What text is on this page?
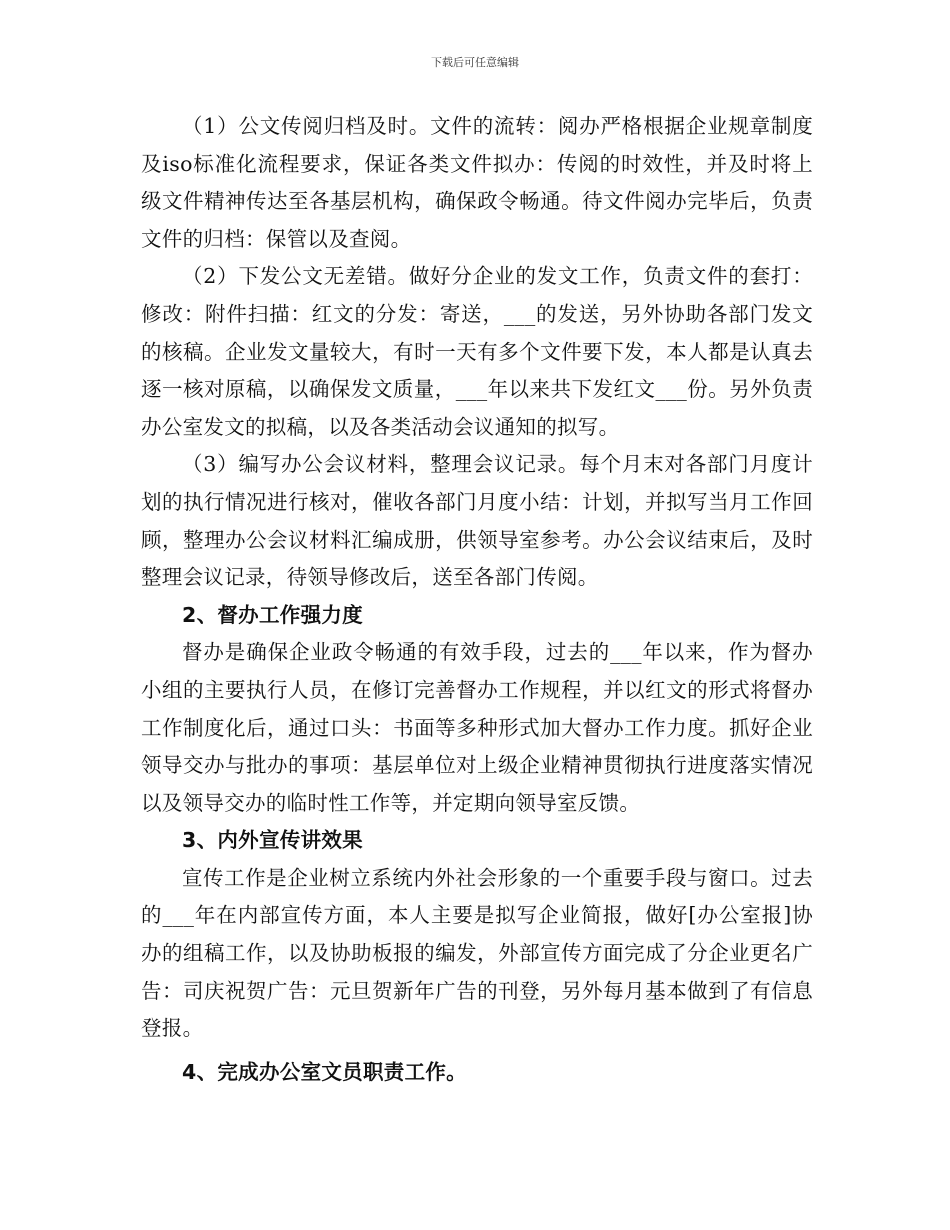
下载后可任意编辑

（1）公文传阅归档及时。文件的流转：阅办严格根据企业规章制度及iso标准化流程要求，保证各类文件拟办：传阅的时效性，并及时将上级文件精神传达至各基层机构，确保政令畅通。待文件阅办完毕后，负责文件的归档：保管以及查阅。

（2）下发公文无差错。做好分企业的发文工作，负责文件的套打：修改：附件扫描：红文的分发：寄送，___的发送，另外协助各部门发文的核稿。企业发文量较大，有时一天有多个文件要下发，本人都是认真去逐一核对原稿，以确保发文质量，___年以来共下发红文___份。另外负责办公室发文的拟稿，以及各类活动会议通知的拟写。

（3）编写办公会议材料，整理会议记录。每个月末对各部门月度计划的执行情况进行核对，催收各部门月度小结：计划，并拟写当月工作回顾，整理办公会议材料汇编成册，供领导室参考。办公会议结束后，及时整理会议记录，待领导修改后，送至各部门传阅。

2、督办工作强力度

督办是确保企业政令畅通的有效手段，过去的___年以来，作为督办小组的主要执行人员，在修订完善督办工作规程，并以红文的形式将督办工作制度化后，通过口头：书面等多种形式加大督办工作力度。抓好企业领导交办与批办的事项：基层单位对上级企业精神贯彻执行进度落实情况以及领导交办的临时性工作等，并定期向领导室反馈。

3、内外宣传讲效果

宣传工作是企业树立系统内外社会形象的一个重要手段与窗口。过去的___年在内部宣传方面，本人主要是拟写企业简报，做好[办公室报]协办的组稿工作，以及协助板报的编发，外部宣传方面完成了分企业更名广告：司庆祝贺广告：元旦贺新年广告的刊登，另外每月基本做到了有信息登报。

4、完成办公室文员职责工作。
